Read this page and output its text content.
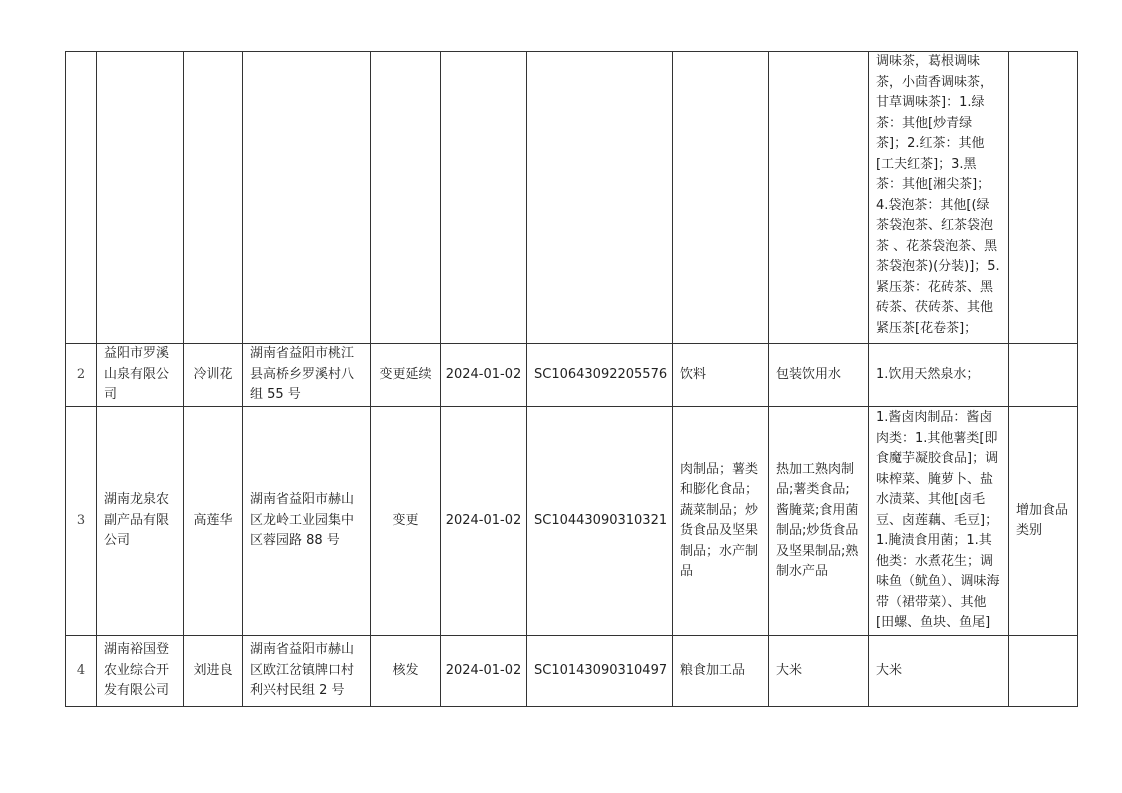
									调味茶，葛根调味茶，小茴香调味茶，甘草调味茶]：1.绿茶：其他[炒青绿茶]；2.红茶：其他[工夫红茶]；3.黑茶：其他[湘尖茶]；4.袋泡茶：其他[(绿茶袋泡茶、红茶袋泡茶 、花茶袋泡茶、黑茶袋泡茶)(分装)]；5.紧压茶：花砖茶、黑砖茶、茯砖茶、其他紧压茶[花卷茶]；	
2	益阳市罗溪山泉有限公司	冷训花	湖南省益阳市桃江县高桥乡罗溪村八组 55 号	变更延续	2024-01-02	SC10643092205576	饮料	包装饮用水	1.饮用天然泉水；	
3	湖南龙泉农副产品有限公司	高莲华	湖南省益阳市赫山区龙岭工业园集中区蓉园路 88 号	变更	2024-01-02	SC10443090310321	肉制品；薯类和膨化食品；蔬菜制品；炒货食品及坚果制品；水产制品	热加工熟肉制品;薯类食品;酱腌菜;食用菌制品;炒货食品及坚果制品;熟制水产品	1.酱卤肉制品：酱卤肉类：1.其他薯类[即食魔芋凝胶食品]；调味榨菜、腌萝卜、盐水渍菜、其他[卤毛豆、卤莲藕、毛豆]；1.腌渍食用菌；1.其他类：水煮花生；调味鱼（鱿鱼）、调味海带（裙带菜）、其他[田螺、鱼块、鱼尾]	增加食品类别
4	湖南裕国登农业综合开发有限公司	刘进良	湖南省益阳市赫山区欧江岔镇牌口村利兴村民组 2 号	核发	2024-01-02	SC10143090310497	粮食加工品	大米	大米	
